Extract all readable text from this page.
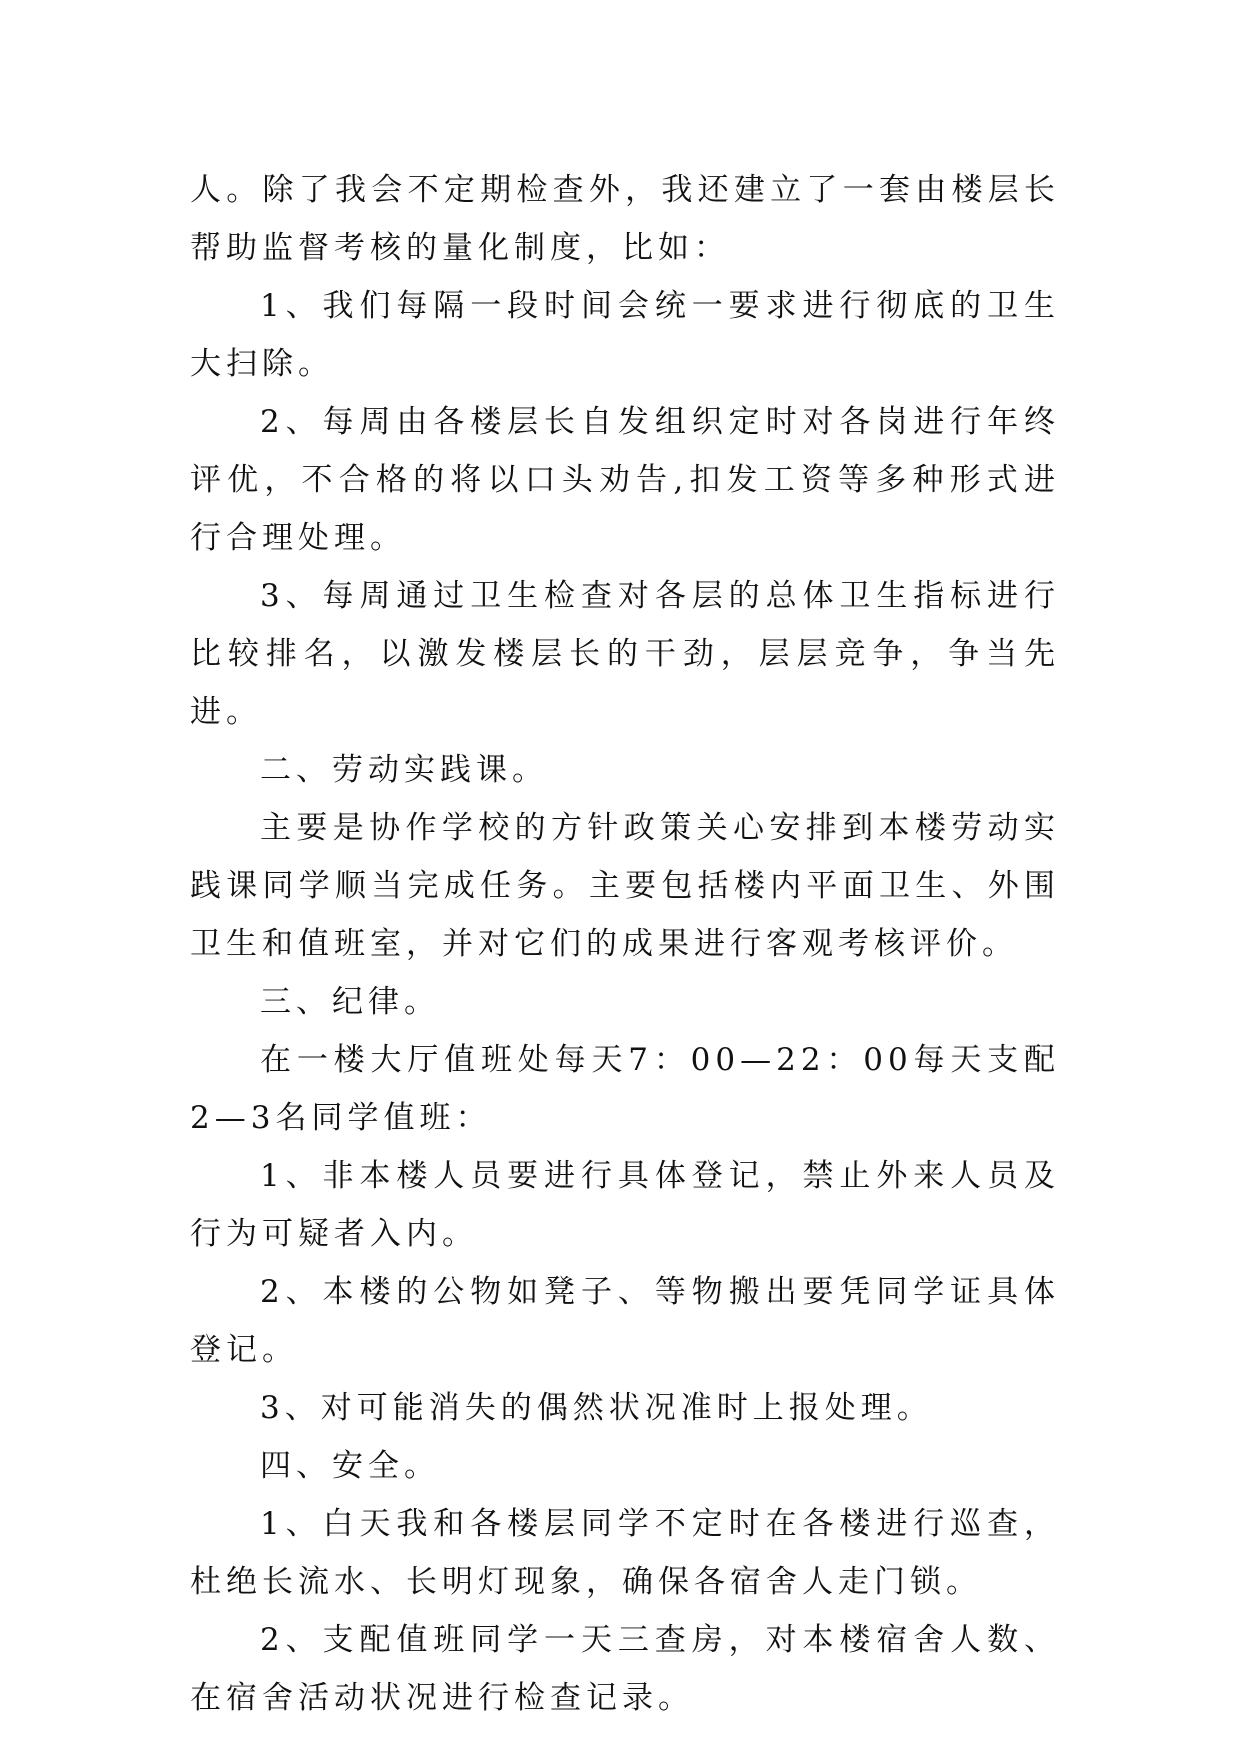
人。除了我会不定期检查外，我还建立了一套由楼层长帮助监督考核的量化制度，比如：

1、我们每隔一段时间会统一要求进行彻底的卫生大扫除。

2、每周由各楼层长自发组织定时对各岗进行年终评优，不合格的将以口头劝告,扣发工资等多种形式进行合理处理。

3、每周通过卫生检查对各层的总体卫生指标进行比较排名，以激发楼层长的干劲，层层竞争，争当先进。

二、劳动实践课。

主要是协作学校的方针政策关心安排到本楼劳动实践课同学顺当完成任务。主要包括楼内平面卫生、外围卫生和值班室，并对它们的成果进行客观考核评价。

三、纪律。

在一楼大厅值班处每天7：00—22：00每天支配2—3名同学值班：

1、非本楼人员要进行具体登记，禁止外来人员及行为可疑者入内。

2、本楼的公物如凳子、等物搬出要凭同学证具体登记。

3、对可能消失的偶然状况准时上报处理。

四、安全。

1、白天我和各楼层同学不定时在各楼进行巡查，杜绝长流水、长明灯现象，确保各宿舍人走门锁。

2、支配值班同学一天三查房，对本楼宿舍人数、在宿舍活动状况进行检查记录。
